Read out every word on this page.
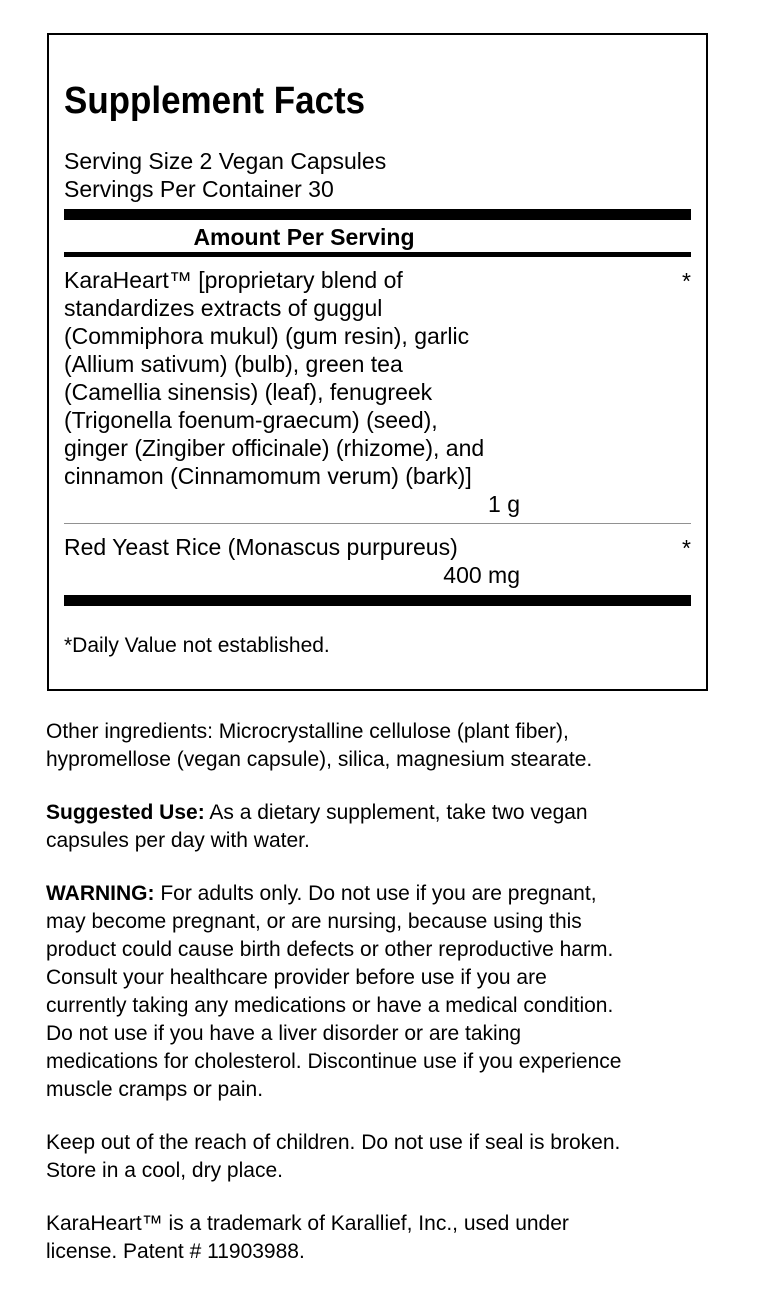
Supplement Facts
Serving Size 2 Vegan Capsules
Servings Per Container 30
Amount Per Serving
KaraHeart™ [proprietary blend of
standardizes extracts of guggul
(Commiphora mukul) (gum resin), garlic
(Allium sativum) (bulb), green tea
(Camellia sinensis) (leaf), fenugreek
(Trigonella foenum-graecum) (seed),
ginger (Zingiber officinale) (rhizome), and
cinnamon (Cinnamomum verum) (bark)]
1 g
*
Red Yeast Rice (Monascus purpureus)
400 mg
*
*Daily Value not established.

Other ingredients: Microcrystalline cellulose (plant fiber),
hypromellose (vegan capsule), silica, magnesium stearate.

Suggested Use: As a dietary supplement, take two vegan
capsules per day with water.

WARNING: For adults only. Do not use if you are pregnant,
may become pregnant, or are nursing, because using this
product could cause birth defects or other reproductive harm.
Consult your healthcare provider before use if you are
currently taking any medications or have a medical condition.
Do not use if you have a liver disorder or are taking
medications for cholesterol. Discontinue use if you experience
muscle cramps or pain.

Keep out of the reach of children. Do not use if seal is broken.
Store in a cool, dry place.

KaraHeart™ is a trademark of Karallief, Inc., used under
license. Patent # 11903988.
